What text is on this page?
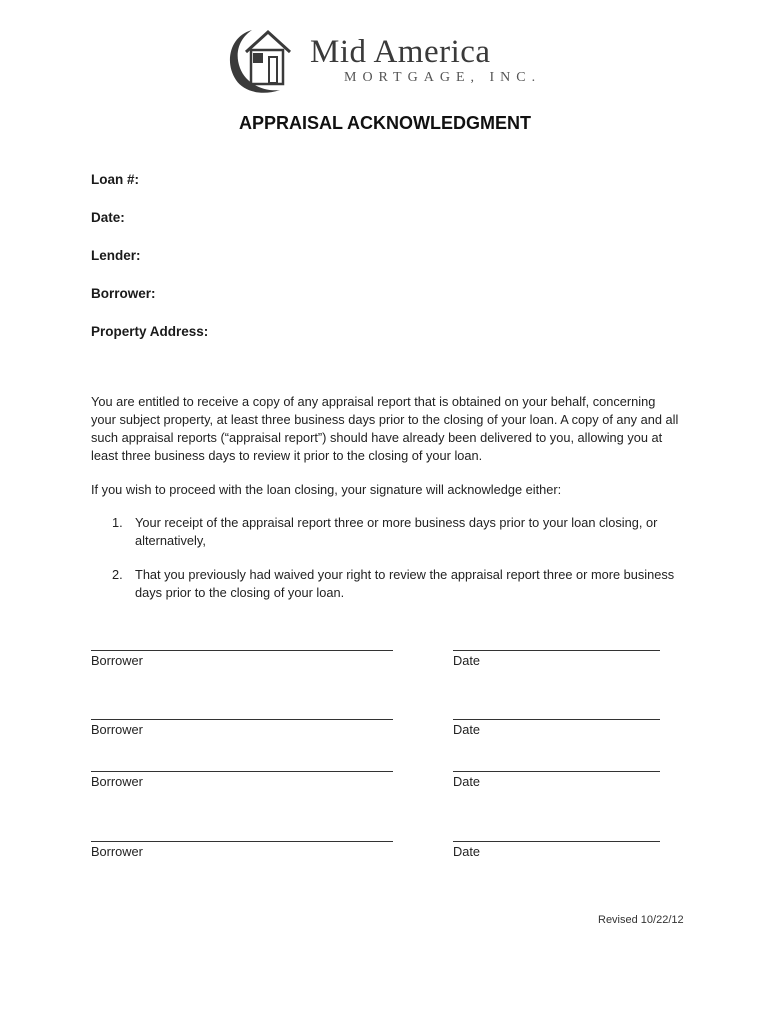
Mid America
MORTGAGE, INC.
APPRAISAL ACKNOWLEDGMENT
Loan #:
Date:
Lender:
Borrower:
Property Address:
You are entitled to receive a copy of any appraisal report that is obtained on your behalf, concerning
your subject property, at least three business days prior to the closing of your loan. A copy of any and all
such appraisal reports (“appraisal report”) should have already been delivered to you, allowing you at
least three business days to review it prior to the closing of your loan.
If you wish to proceed with the loan closing, your signature will acknowledge either:
1. Your receipt of the appraisal report three or more business days prior to your loan closing, or
alternatively,
2. That you previously had waived your right to review the appraisal report three or more business
days prior to the closing of your loan.
Borrower	Date
Borrower	Date
Borrower	Date
Borrower	Date
Revised 10/22/12
